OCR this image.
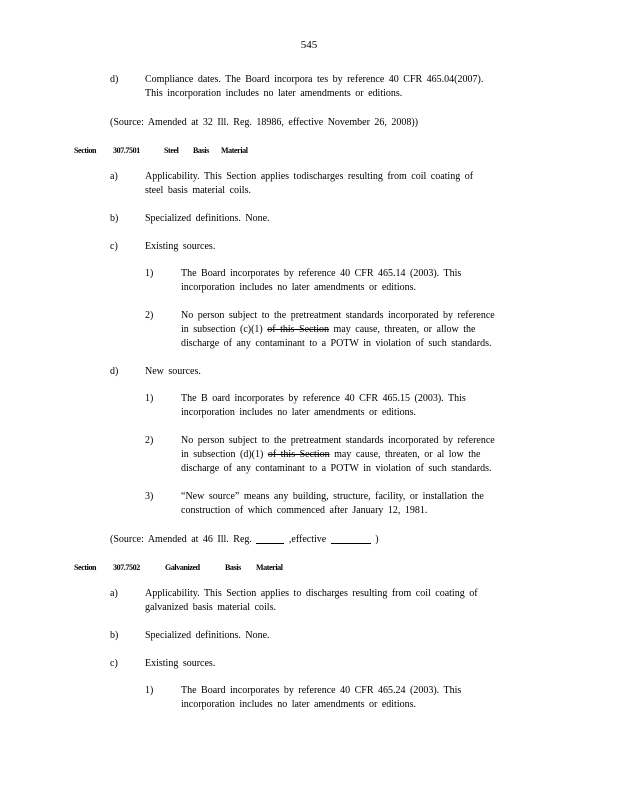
545
d)	Compliance dates. The Board incorpora tes by reference 40 CFR 465.04(2007).
This incorporation includes no later amendments or editions.
(Source: Amended at 32 Ill. Reg. 18986, effective November 26, 2008))
Section 307.7501	Steel Basis Material
a)	Applicability. This Section applies todischarges resulting from coil coating of
steel basis material coils.
b)	Specialized definitions. None.
c)	Existing sources.
1)	The Board incorporates by reference 40 CFR 465.14 (2003). This
incorporation includes no later amendments or editions.
2)	No person subject to the pretreatment standards incorporated by reference
in subsection (c)(1) of this Section may cause, threaten, or allow the
discharge of any contaminant to a POTW in violation of such standards.
d)	New sources.
1)	The B oard incorporates by reference 40 CFR 465.15 (2003). This
incorporation includes no later amendments or editions.
2)	No person subject to the pretreatment standards incorporated by reference
in subsection (d)(1) of this Section may cause, threaten, or al low the
discharge of any contaminant to a POTW in violation of such standards.
3)	“New source” means any building, structure, facility, or installation the
construction of which commenced after January 12, 1981.
(Source: Amended at 46 Ill. Reg.	,effective	)
Section 307.7502	Galvanized	Basis Material
a)	Applicability. This Section applies to discharges resulting from coil coating of
galvanized basis material coils.
b)	Specialized definitions. None.
c)	Existing sources.
1)	The Board incorporates by reference 40 CFR 465.24 (2003). This
incorporation includes no later amendments or editions.
